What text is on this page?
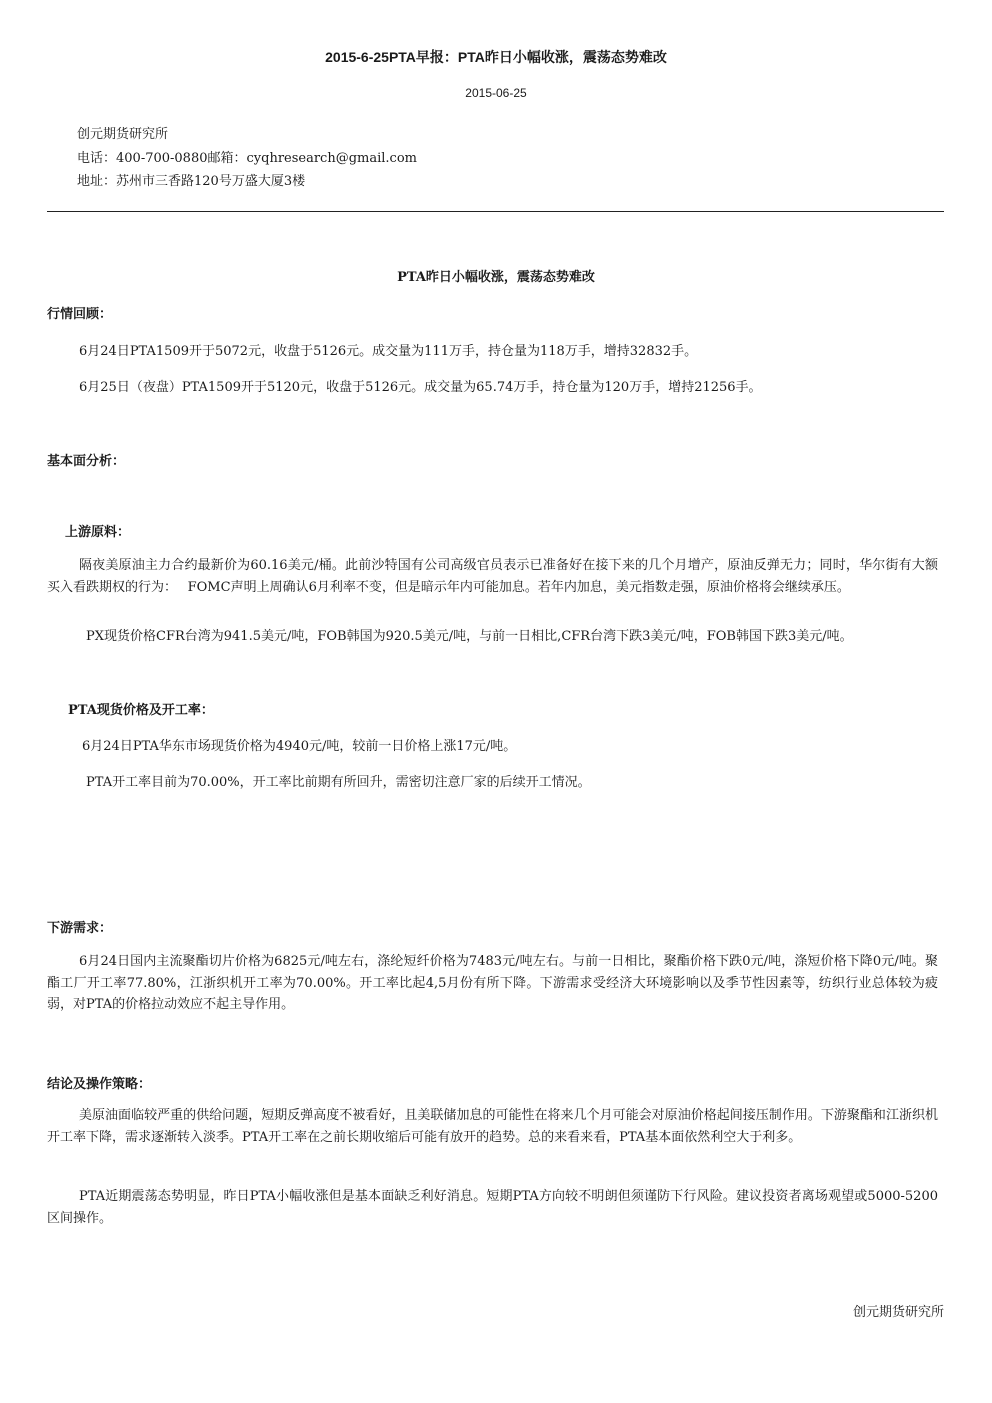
2015-6-25PTA早报：PTA昨日小幅收涨，震荡态势难改
2015-06-25
创元期货研究所
电话：400-700-0880邮箱：cyqhresearch@gmail.com
地址：苏州市三香路120号万盛大厦3楼
PTA昨日小幅收涨，震荡态势难改
行情回顾：
6月24日PTA1509开于5072元，收盘于5126元。成交量为111万手，持仓量为118万手，增持32832手。
6月25日（夜盘）PTA1509开于5120元，收盘于5126元。成交量为65.74万手，持仓量为120万手，增持21256手。
基本面分析：
上游原料：
隔夜美原油主力合约最新价为60.16美元/桶。此前沙特国有公司高级官员表示已准备好在接下来的几个月增产，原油反弹无力；同时，华尔街有大额买入看跌期权的行为：　 FOMC声明上周确认6月利率不变，但是暗示年内可能加息。若年内加息，美元指数走强，原油价格将会继续承压。
PX现货价格CFR台湾为941.5美元/吨，FOB韩国为920.5美元/吨，与前一日相比,CFR台湾下跌3美元/吨，FOB韩国下跌3美元/吨。
PTA现货价格及开工率：
6月24日PTA华东市场现货价格为4940元/吨，较前一日价格上涨17元/吨。
PTA开工率目前为70.00%，开工率比前期有所回升，需密切注意厂家的后续开工情况。
下游需求：
6月24日国内主流聚酯切片价格为6825元/吨左右，涤纶短纤价格为7483元/吨左右。与前一日相比，聚酯价格下跌0元/吨，涤短价格下降0元/吨。聚酯工厂开工率77.80%，江浙织机开工率为70.00%。开工率比起4,5月份有所下降。下游需求受经济大环境影响以及季节性因素等，纺织行业总体较为疲弱，对PTA的价格拉动效应不起主导作用。
结论及操作策略：
美原油面临较严重的供给问题，短期反弹高度不被看好，且美联储加息的可能性在将来几个月可能会对原油价格起间接压制作用。下游聚酯和江浙织机开工率下降，需求逐渐转入淡季。PTA开工率在之前长期收缩后可能有放开的趋势。总的来看来看，PTA基本面依然利空大于利多。
PTA近期震荡态势明显，昨日PTA小幅收涨但是基本面缺乏利好消息。短期PTA方向较不明朗但须谨防下行风险。建议投资者离场观望或5000-5200区间操作。
创元期货研究所
